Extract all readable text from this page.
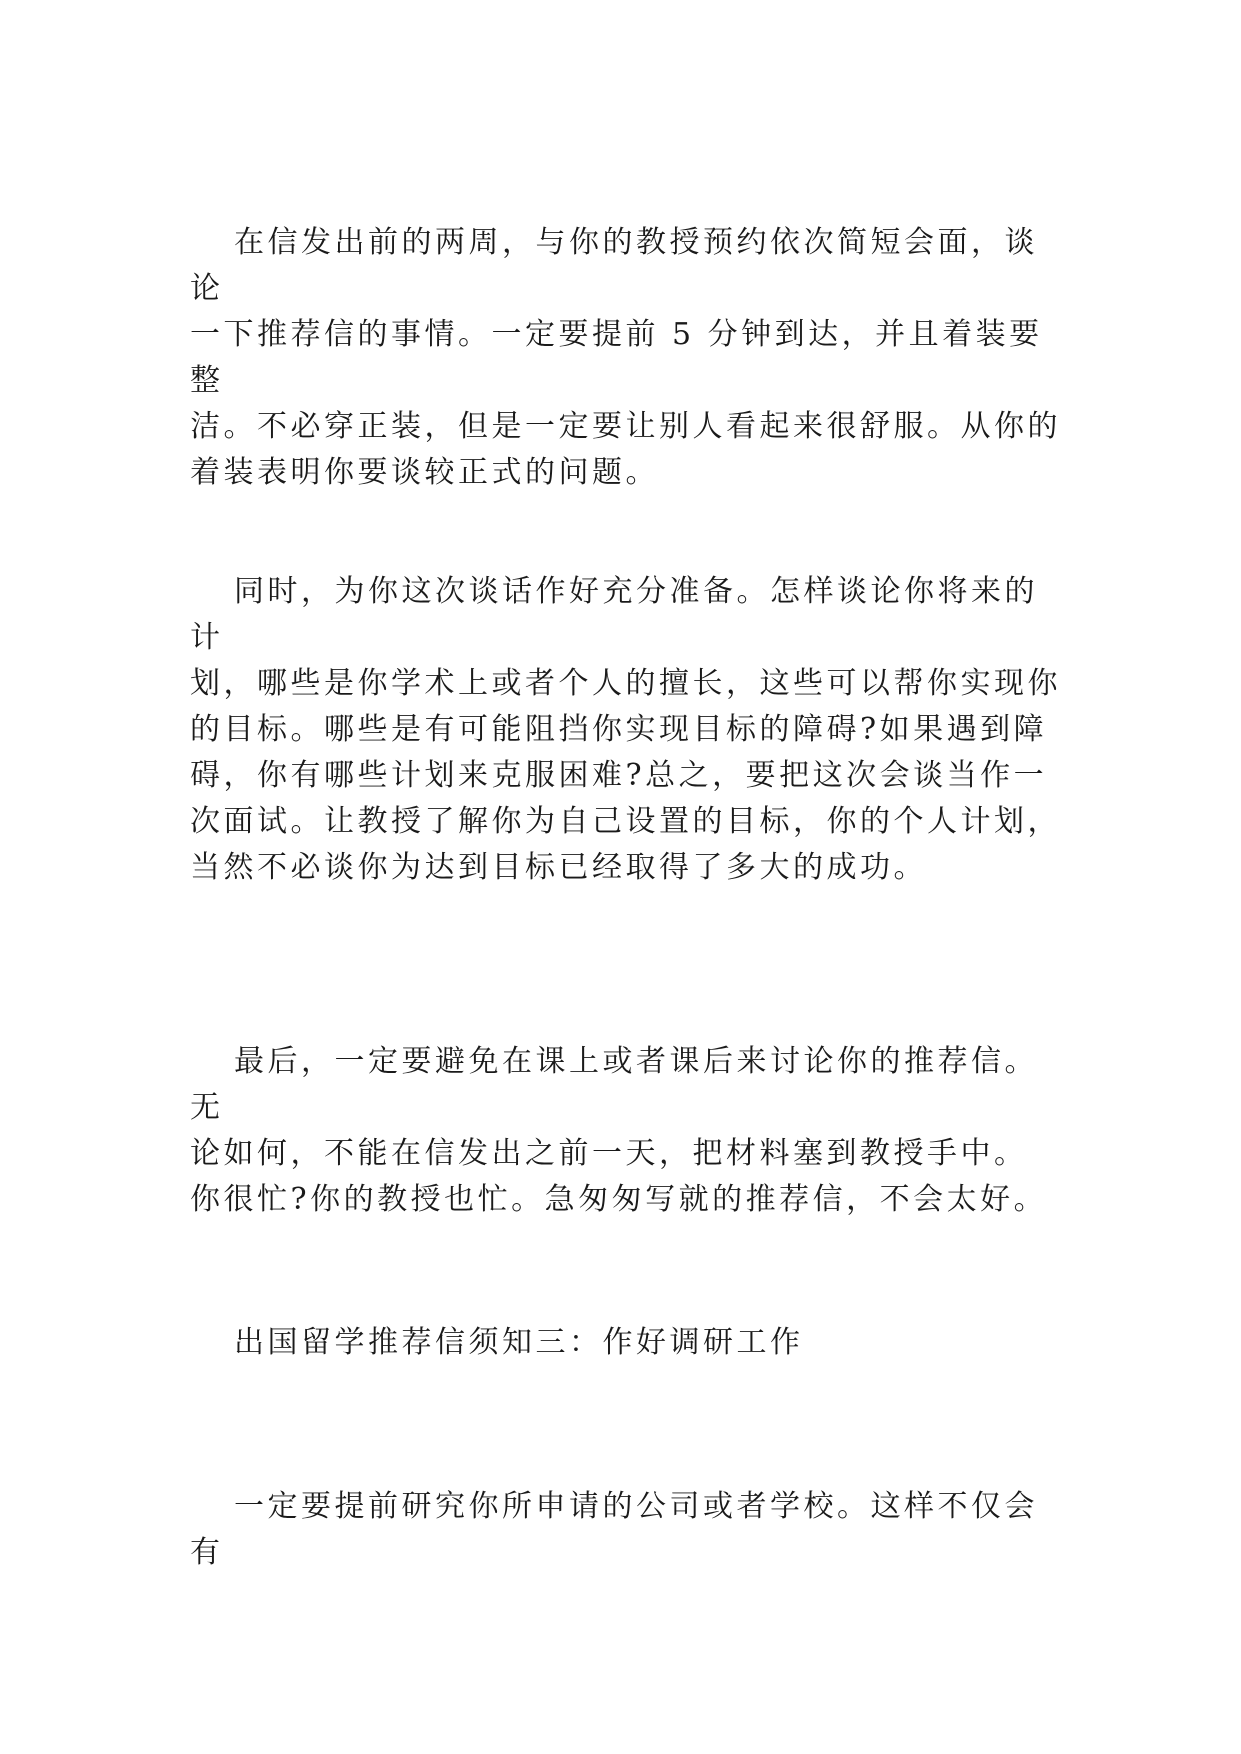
在信发出前的两周，与你的教授预约依次简短会面，谈论
一下推荐信的事情。一定要提前 5 分钟到达，并且着装要整
洁。不必穿正装，但是一定要让别人看起来很舒服。从你的
着装表明你要谈较正式的问题。

同时，为你这次谈话作好充分准备。怎样谈论你将来的计
划，哪些是你学术上或者个人的擅长，这些可以帮你实现你
的目标。哪些是有可能阻挡你实现目标的障碍?如果遇到障
碍，你有哪些计划来克服困难?总之，要把这次会谈当作一
次面试。让教授了解你为自己设置的目标，你的个人计划，
当然不必谈你为达到目标已经取得了多大的成功。

最后，一定要避免在课上或者课后来讨论你的推荐信。无
论如何，不能在信发出之前一天，把材料塞到教授手中。
你很忙?你的教授也忙。急匆匆写就的推荐信，不会太好。

出国留学推荐信须知三：作好调研工作

一定要提前研究你所申请的公司或者学校。这样不仅会有
